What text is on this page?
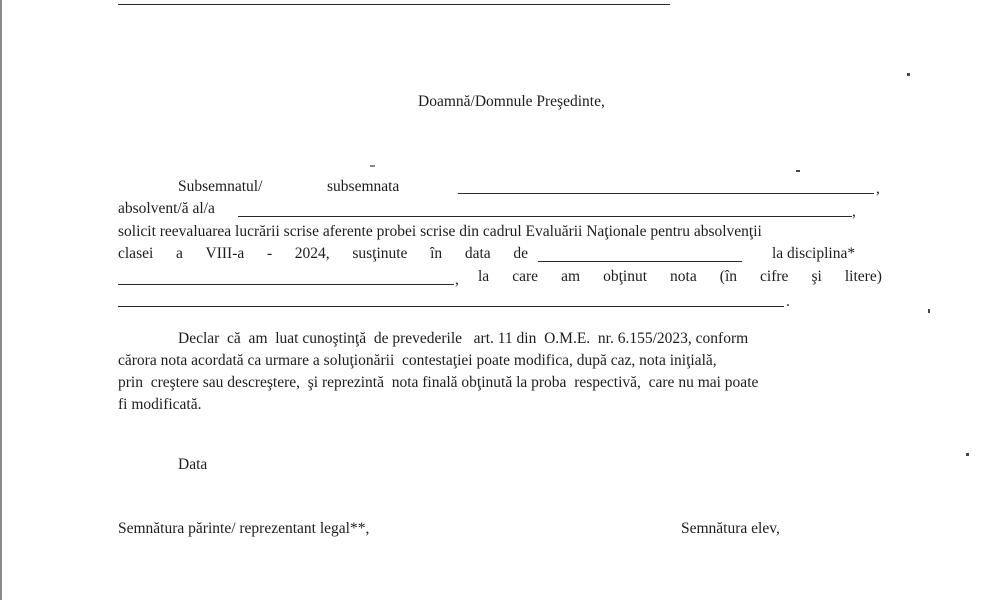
Doamnă/Domnule Preşedinte,
Subsemnatul/	subsemnata	,
absolvent/ă al/a	,
solicit reevaluarea lucrării scrise aferente probei scrise din cadrul Evaluării Naţionale pentru absolvenţii
clasei a VIII-a - 2024, susţinute în data de	la disciplina*
, la care am obţinut nota (în cifre şi litere)
.
Declar  că  am  luat cunoştinţă  de prevederile   art. 11 din  O.M.E.  nr. 6.155/2023, conform
cărora nota acordată ca urmare a soluţionării  contestaţiei poate modifica, după caz, nota iniţială,
prin  creştere sau descreştere,  şi reprezintă  nota finală obţinută la proba  respectivă,  care nu mai poate
fi modificată.
Data
Semnătura părinte/ reprezentant legal**,	Semnătura elev,
